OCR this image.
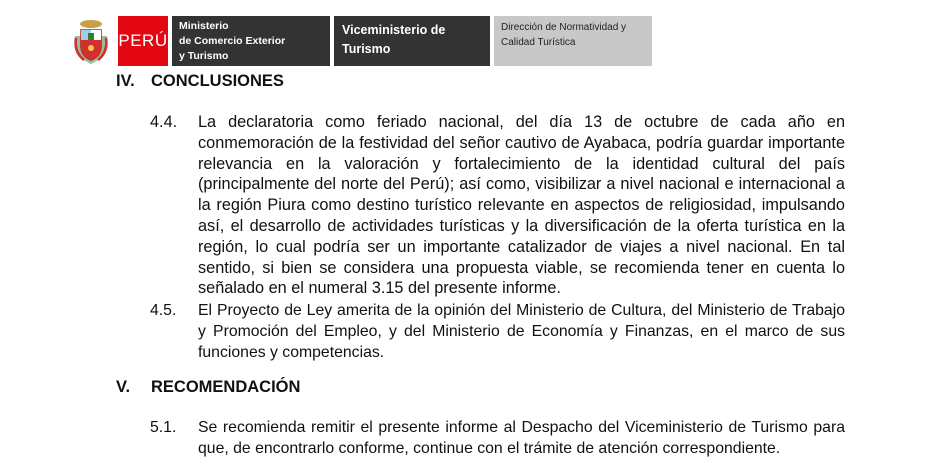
PERÚ
Ministerio
de Comercio Exterior
y Turismo
Viceministerio de
Turismo
Dirección de Normatividad y
Calidad Turística
IV. CONCLUSIONES
4.4. La declaratoria como feriado nacional, del día 13 de octubre de cada año en conmemoración de la festividad del señor cautivo de Ayabaca, podría guardar importante relevancia en la valoración y fortalecimiento de la identidad cultural del país (principalmente del norte del Perú); así como, visibilizar a nivel nacional e internacional a la región Piura como destino turístico relevante en aspectos de religiosidad, impulsando así, el desarrollo de actividades turísticas y la diversificación de la oferta turística en la región, lo cual podría ser un importante catalizador de viajes a nivel nacional. En tal sentido, si bien se considera una propuesta viable, se recomienda tener en cuenta lo señalado en el numeral 3.15 del presente informe.
4.5. El Proyecto de Ley amerita de la opinión del Ministerio de Cultura, del Ministerio de Trabajo y Promoción del Empleo, y del Ministerio de Economía y Finanzas, en el marco de sus funciones y competencias.
V. RECOMENDACIÓN
5.1. Se recomienda remitir el presente informe al Despacho del Viceministerio de Turismo para que, de encontrarlo conforme, continue con el trámite de atención correspondiente.
